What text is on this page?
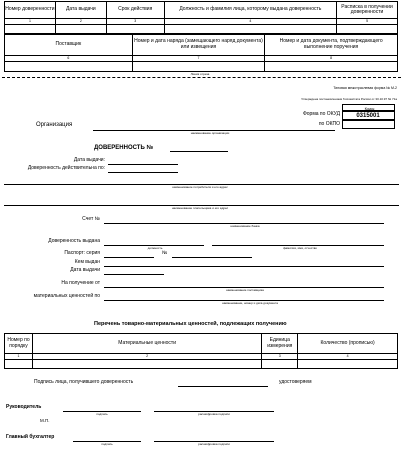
Номер доверенности	Дата выдачи	Срок действия	Должность и фамилия лица, которому выдана доверенность	Расписка в получении доверенности
1	2	3	4	5

Поставщик	Номер и дата наряда (замещающего наряд документа) или извещения	Номер и дата документа, подтверждающего выполнение поручения
6	7	8

Линия отреза
Типовая межотраслевая форма № М-2
Утверждена постановлением Госкомстата России от 30.10.97 № 71а
Коды
Форма по ОКУД	0315001
по ОКПО
Организация
наименование организации
ДОВЕРЕННОСТЬ №
Дата выдачи:
Доверенность действительна по:
наименование потребителя и его адрес
наименование плательщика и его адрес
Счет №
наименование банка
Доверенность выдана
должность	фамилия, имя, отчество
Паспорт: серия	№
Кем выдан
Дата выдачи
На получение от
наименование поставщика
материальных ценностей по
наименование, номер и дата документа
Перечень товарно-материальных ценностей, подлежащих получению
Номер по порядку	Материальные ценности	Единица измерения	Количество (прописью)
1	2	3	4

Подпись лица, получившего доверенность	удостоверяем
Руководитель
подпись	расшифровка подписи
М.П.
Главный бухгалтер
подпись	расшифровка подписи
